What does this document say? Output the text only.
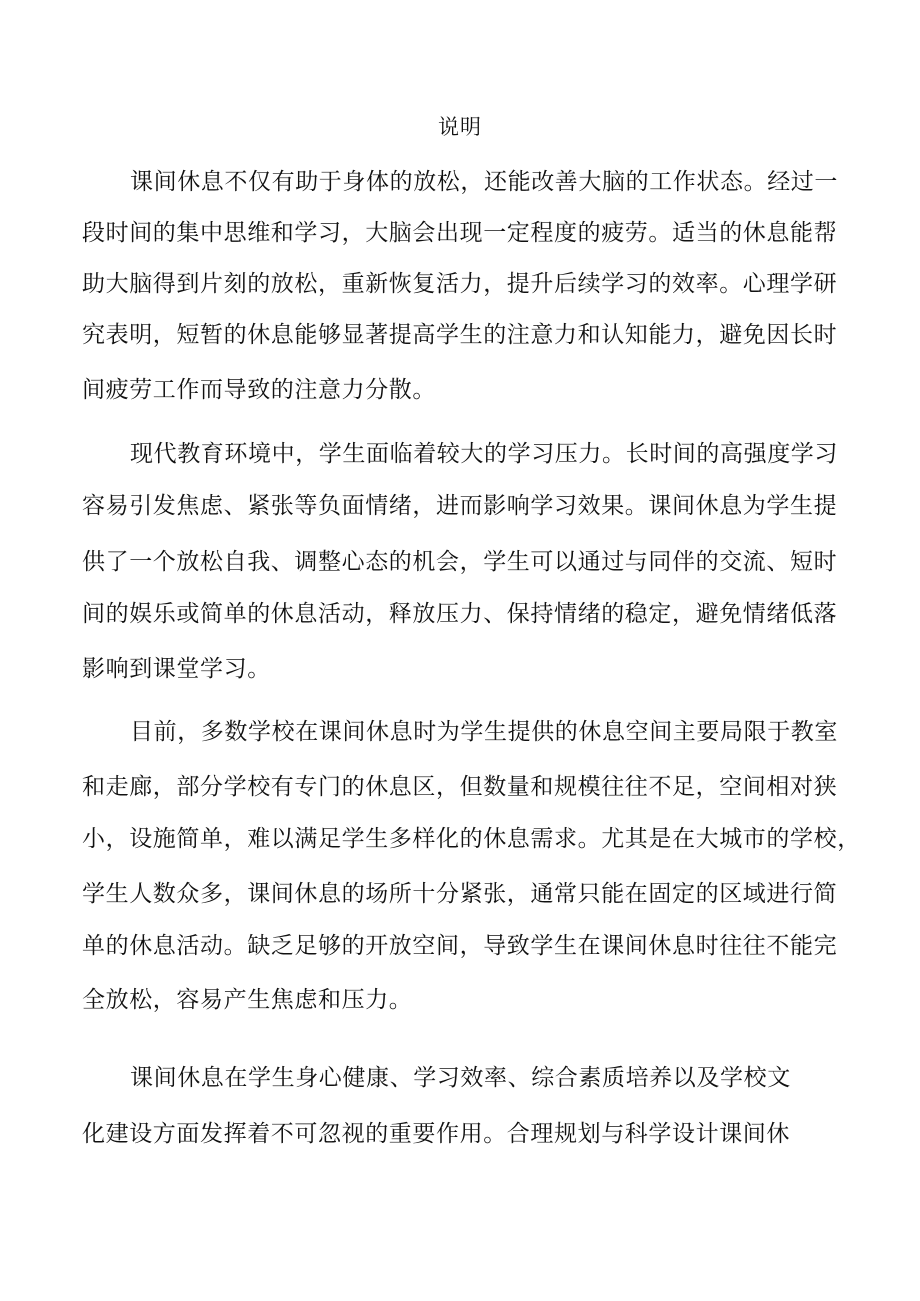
说明
课间休息不仅有助于身体的放松，还能改善大脑的工作状态。经过一
段时间的集中思维和学习，大脑会出现一定程度的疲劳。适当的休息能帮
助大脑得到片刻的放松，重新恢复活力，提升后续学习的效率。心理学研
究表明，短暂的休息能够显著提高学生的注意力和认知能力，避免因长时
间疲劳工作而导致的注意力分散。
现代教育环境中，学生面临着较大的学习压力。长时间的高强度学习
容易引发焦虑、紧张等负面情绪，进而影响学习效果。课间休息为学生提
供了一个放松自我、调整心态的机会，学生可以通过与同伴的交流、短时
间的娱乐或简单的休息活动，释放压力、保持情绪的稳定，避免情绪低落
影响到课堂学习。
目前，多数学校在课间休息时为学生提供的休息空间主要局限于教室
和走廊，部分学校有专门的休息区，但数量和规模往往不足，空间相对狭
小，设施简单，难以满足学生多样化的休息需求。尤其是在大城市的学校，
学生人数众多，课间休息的场所十分紧张，通常只能在固定的区域进行简
单的休息活动。缺乏足够的开放空间，导致学生在课间休息时往往不能完
全放松，容易产生焦虑和压力。
课间休息在学生身心健康、学习效率、综合素质培养以及学校文
化建设方面发挥着不可忽视的重要作用。合理规划与科学设计课间休
